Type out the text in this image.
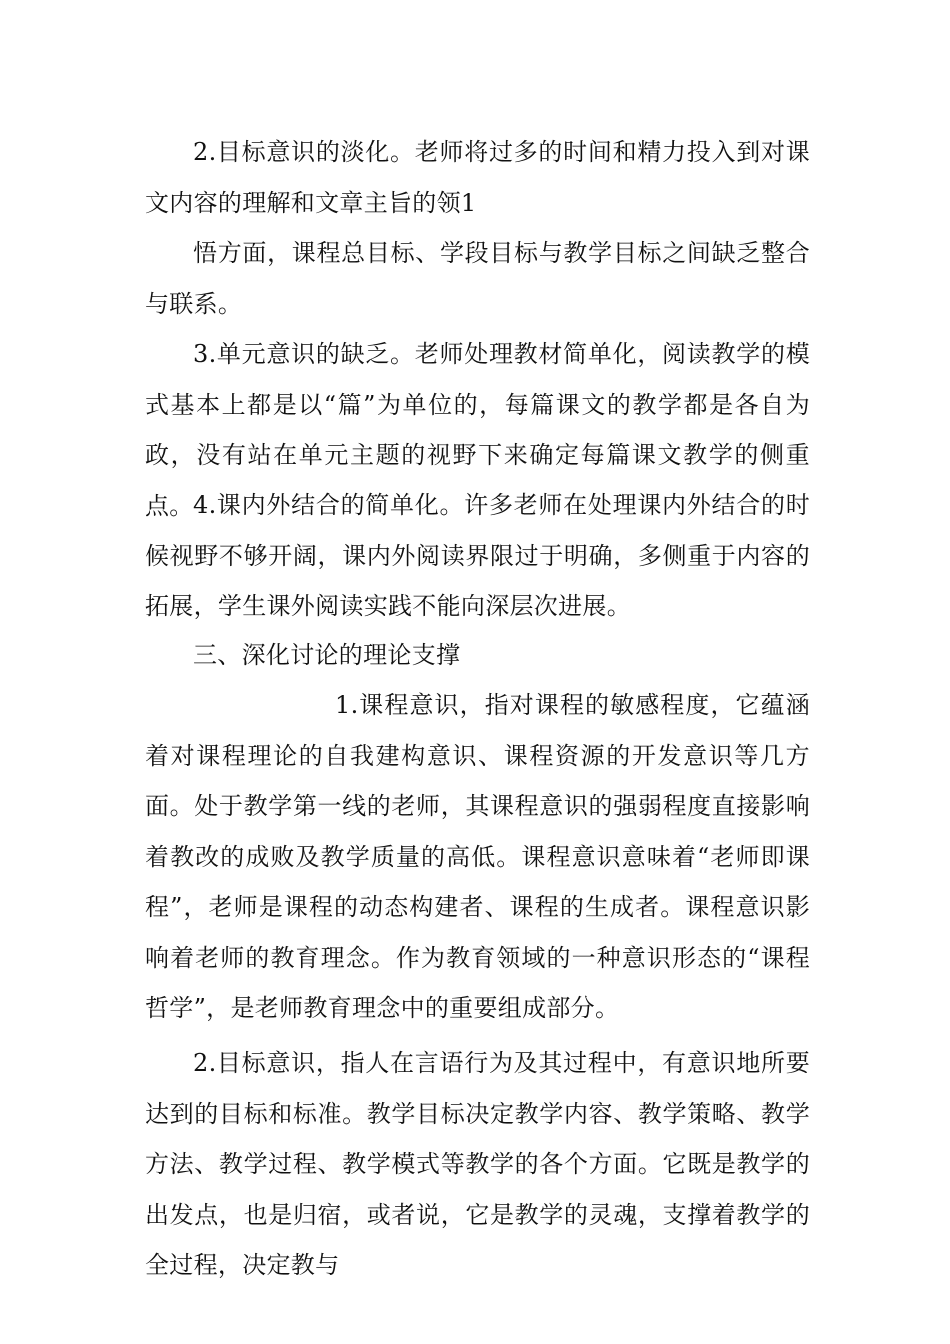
2.目标意识的淡化。老师将过多的时间和精力投入到对课文内容的理解和文章主旨的领1

悟方面，课程总目标、学段目标与教学目标之间缺乏整合与联系。

3.单元意识的缺乏。老师处理教材简单化，阅读教学的模式基本上都是以“篇”为单位的，每篇课文的教学都是各自为政，没有站在单元主题的视野下来确定每篇课文教学的侧重点。 4.课内外结合的简单化。许多老师在处理课内外结合的时候视野不够开阔，课内外阅读界限过于明确，多侧重于内容的拓展，学生课外阅读实践不能向深层次进展。

三、深化讨论的理论支撑

1.课程意识，指对课程的敏感程度，它蕴涵着对课程理论的自我建构意识、课程资源的开发意识等几方面。处于教学第一线的老师，其课程意识的强弱程度直接影响着教改的成败及教学质量的高低。课程意识意味着“老师即课程”，老师是课程的动态构建者、课程的生成者。课程意识影响着老师的教育理念。作为教育领域的一种意识形态的“课程哲学”，是老师教育理念中的重要组成部分。

2.目标意识，指人在言语行为及其过程中，有意识地所要达到的目标和标准。教学目标决定教学内容、教学策略、教学方法、教学过程、教学模式等教学的各个方面。它既是教学的出发点，也是归宿，或者说，它是教学的灵魂，支撑着教学的全过程，决定教与
